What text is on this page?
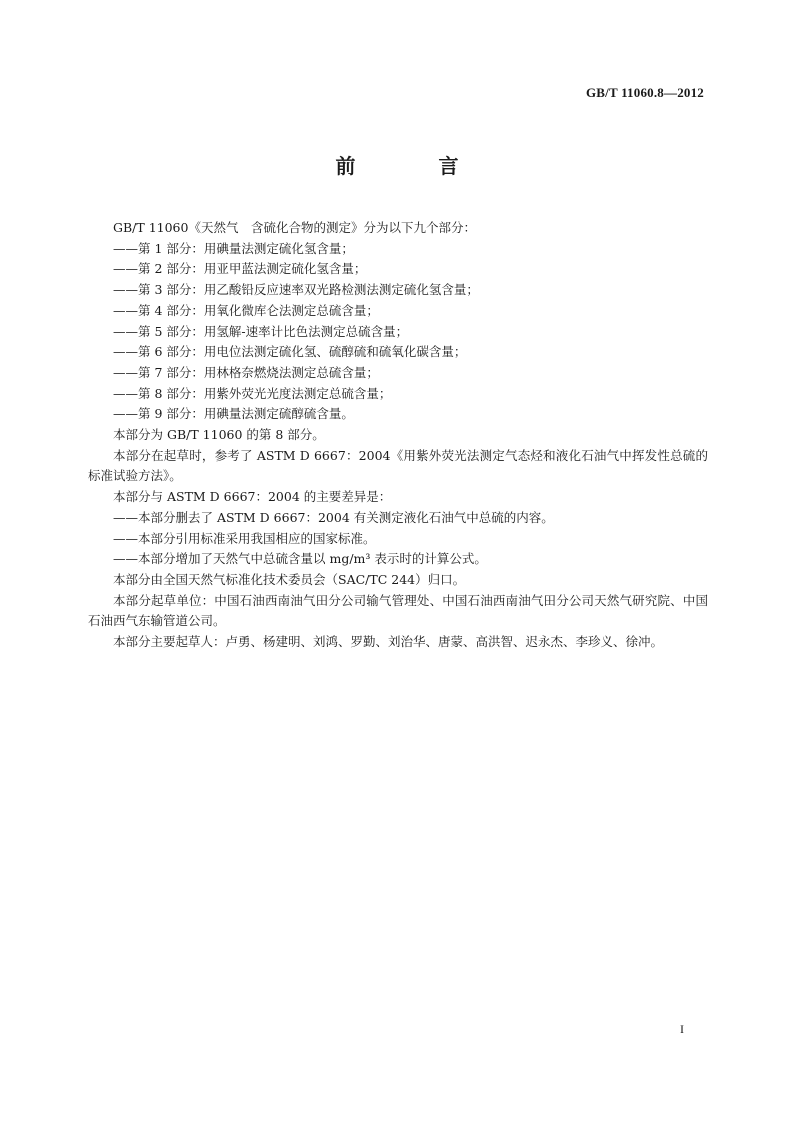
GB/T 11060.8—2012
前 言

GB/T 11060《天然气　含硫化合物的测定》分为以下九个部分：

——第 1 部分：用碘量法测定硫化氢含量；

——第 2 部分：用亚甲蓝法测定硫化氢含量；

——第 3 部分：用乙酸铅反应速率双光路检测法测定硫化氢含量；

——第 4 部分：用氧化微库仑法测定总硫含量；

——第 5 部分：用氢解-速率计比色法测定总硫含量；

——第 6 部分：用电位法测定硫化氢、硫醇硫和硫氧化碳含量；

——第 7 部分：用林格奈燃烧法测定总硫含量；

——第 8 部分：用紫外荧光光度法测定总硫含量；

——第 9 部分：用碘量法测定硫醇硫含量。

本部分为 GB/T 11060 的第 8 部分。

本部分在起草时，参考了 ASTM D 6667：2004《用紫外荧光法测定气态烃和液化石油气中挥发性总硫的标准试验方法》。

本部分与 ASTM D 6667：2004 的主要差异是：

——本部分删去了 ASTM D 6667：2004 有关测定液化石油气中总硫的内容。

——本部分引用标准采用我国相应的国家标准。

——本部分增加了天然气中总硫含量以 mg/m³ 表示时的计算公式。

本部分由全国天然气标准化技术委员会（SAC/TC 244）归口。

本部分起草单位：中国石油西南油气田分公司输气管理处、中国石油西南油气田分公司天然气研究院、中国石油西气东输管道公司。

本部分主要起草人：卢勇、杨建明、刘鸿、罗勤、刘治华、唐蒙、高洪智、迟永杰、李珍义、徐冲。

I
